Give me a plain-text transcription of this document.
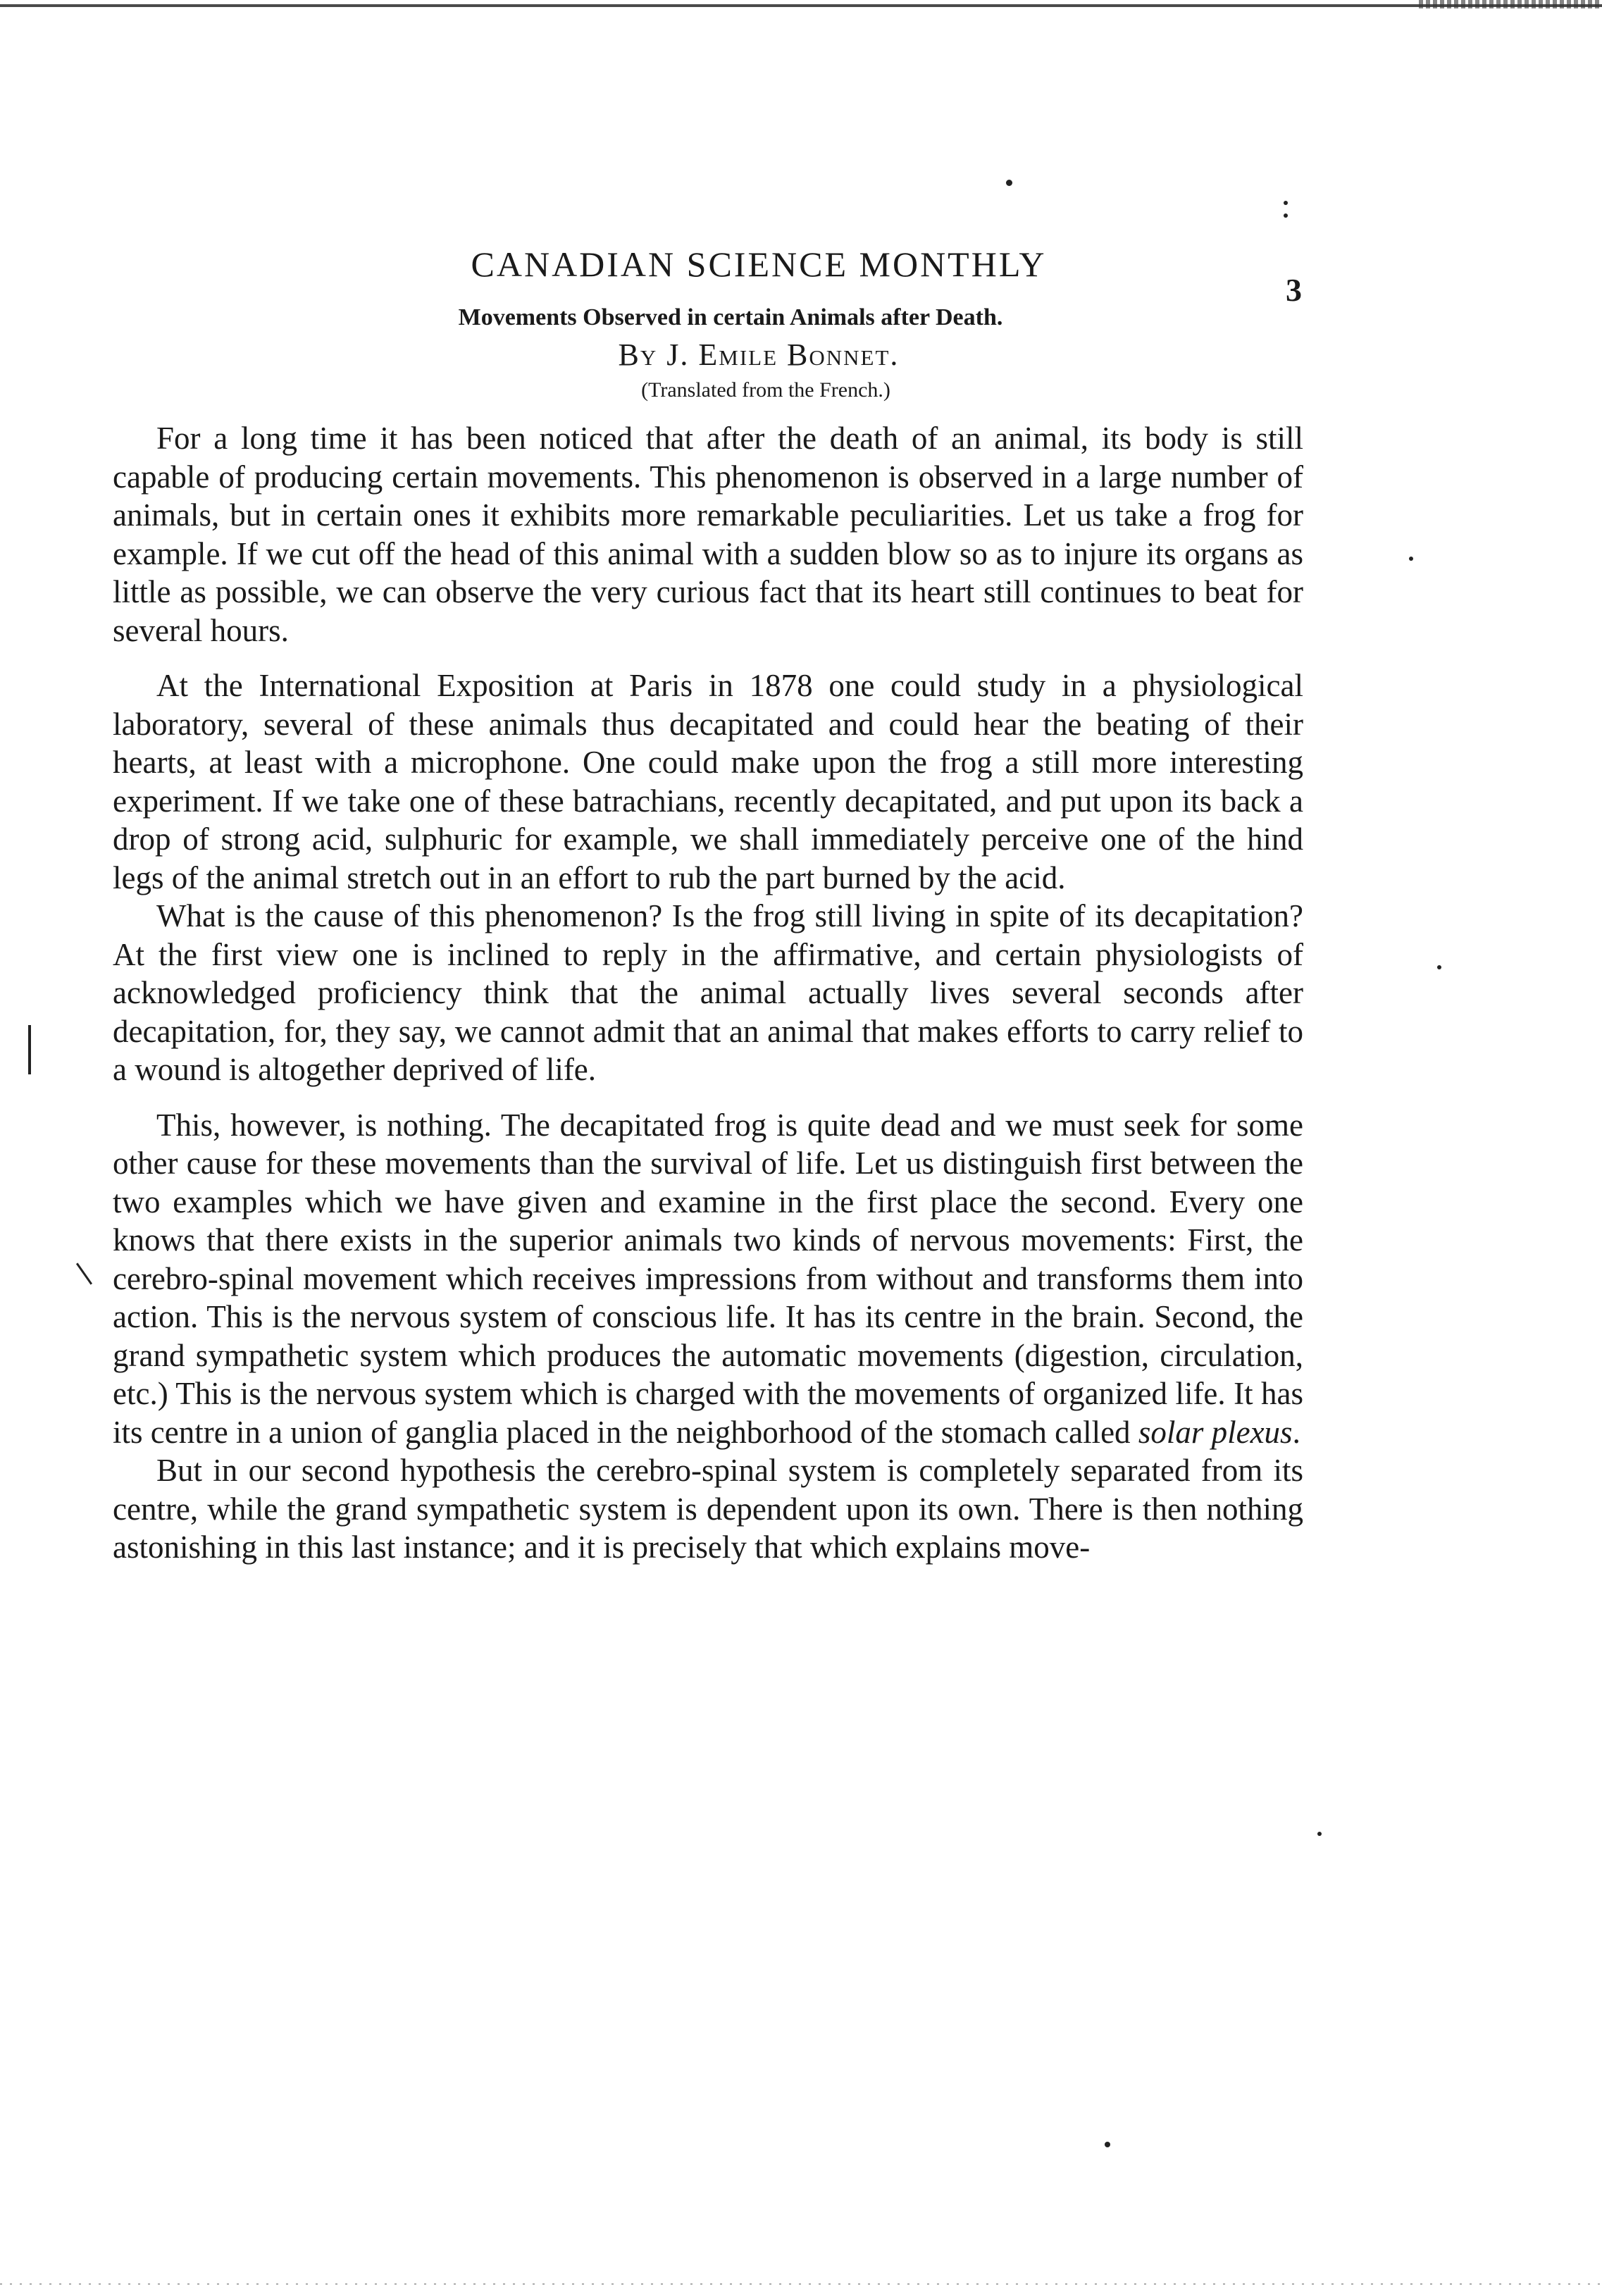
CANADIAN SCIENCE MONTHLY
3
Movements Observed in certain Animals after Death.
By J. Emile Bonnet.
(Translated from the French.)

For a long time it has been noticed that after the death of an animal, its body is still capable of producing certain movements. This phenomenon is observed in a large number of animals, but in certain ones it exhibits more remarkable peculiarities. Let us take a frog for example. If we cut off the head of this animal with a sudden blow so as to injure its organs as little as possible, we can observe the very curious fact that its heart still continues to beat for several hours.

At the International Exposition at Paris in 1878 one could study in a physiological laboratory, several of these animals thus decapitated and could hear the beating of their hearts, at least with a microphone. One could make upon the frog a still more interesting experiment. If we take one of these batrachians, recently decapitated, and put upon its back a drop of strong acid, sulphuric for example, we shall immediately perceive one of the hind legs of the animal stretch out in an effort to rub the part burned by the acid.

What is the cause of this phenomenon? Is the frog still living in spite of its decapitation? At the first view one is inclined to reply in the affirmative, and certain physiologists of acknowledged proficiency think that the animal actually lives several seconds after decapitation, for, they say, we cannot admit that an animal that makes efforts to carry relief to a wound is altogether deprived of life.

This, however, is nothing. The decapitated frog is quite dead and we must seek for some other cause for these movements than the survival of life. Let us distinguish first between the two examples which we have given and examine in the first place the second. Every one knows that there exists in the superior animals two kinds of nervous movements: First, the cerebro-spinal movement which receives impressions from without and transforms them into action. This is the nervous system of conscious life. It has its centre in the brain. Second, the grand sympathetic system which produces the automatic movements (digestion, circulation, etc.) This is the nervous system which is charged with the movements of organized life. It has its centre in a union of ganglia placed in the neighborhood of the stomach called solar plexus.

But in our second hypothesis the cerebro-spinal system is completely separated from its centre, while the grand sympathetic system is dependent upon its own. There is then nothing astonishing in this last instance; and it is precisely that which explains move-
